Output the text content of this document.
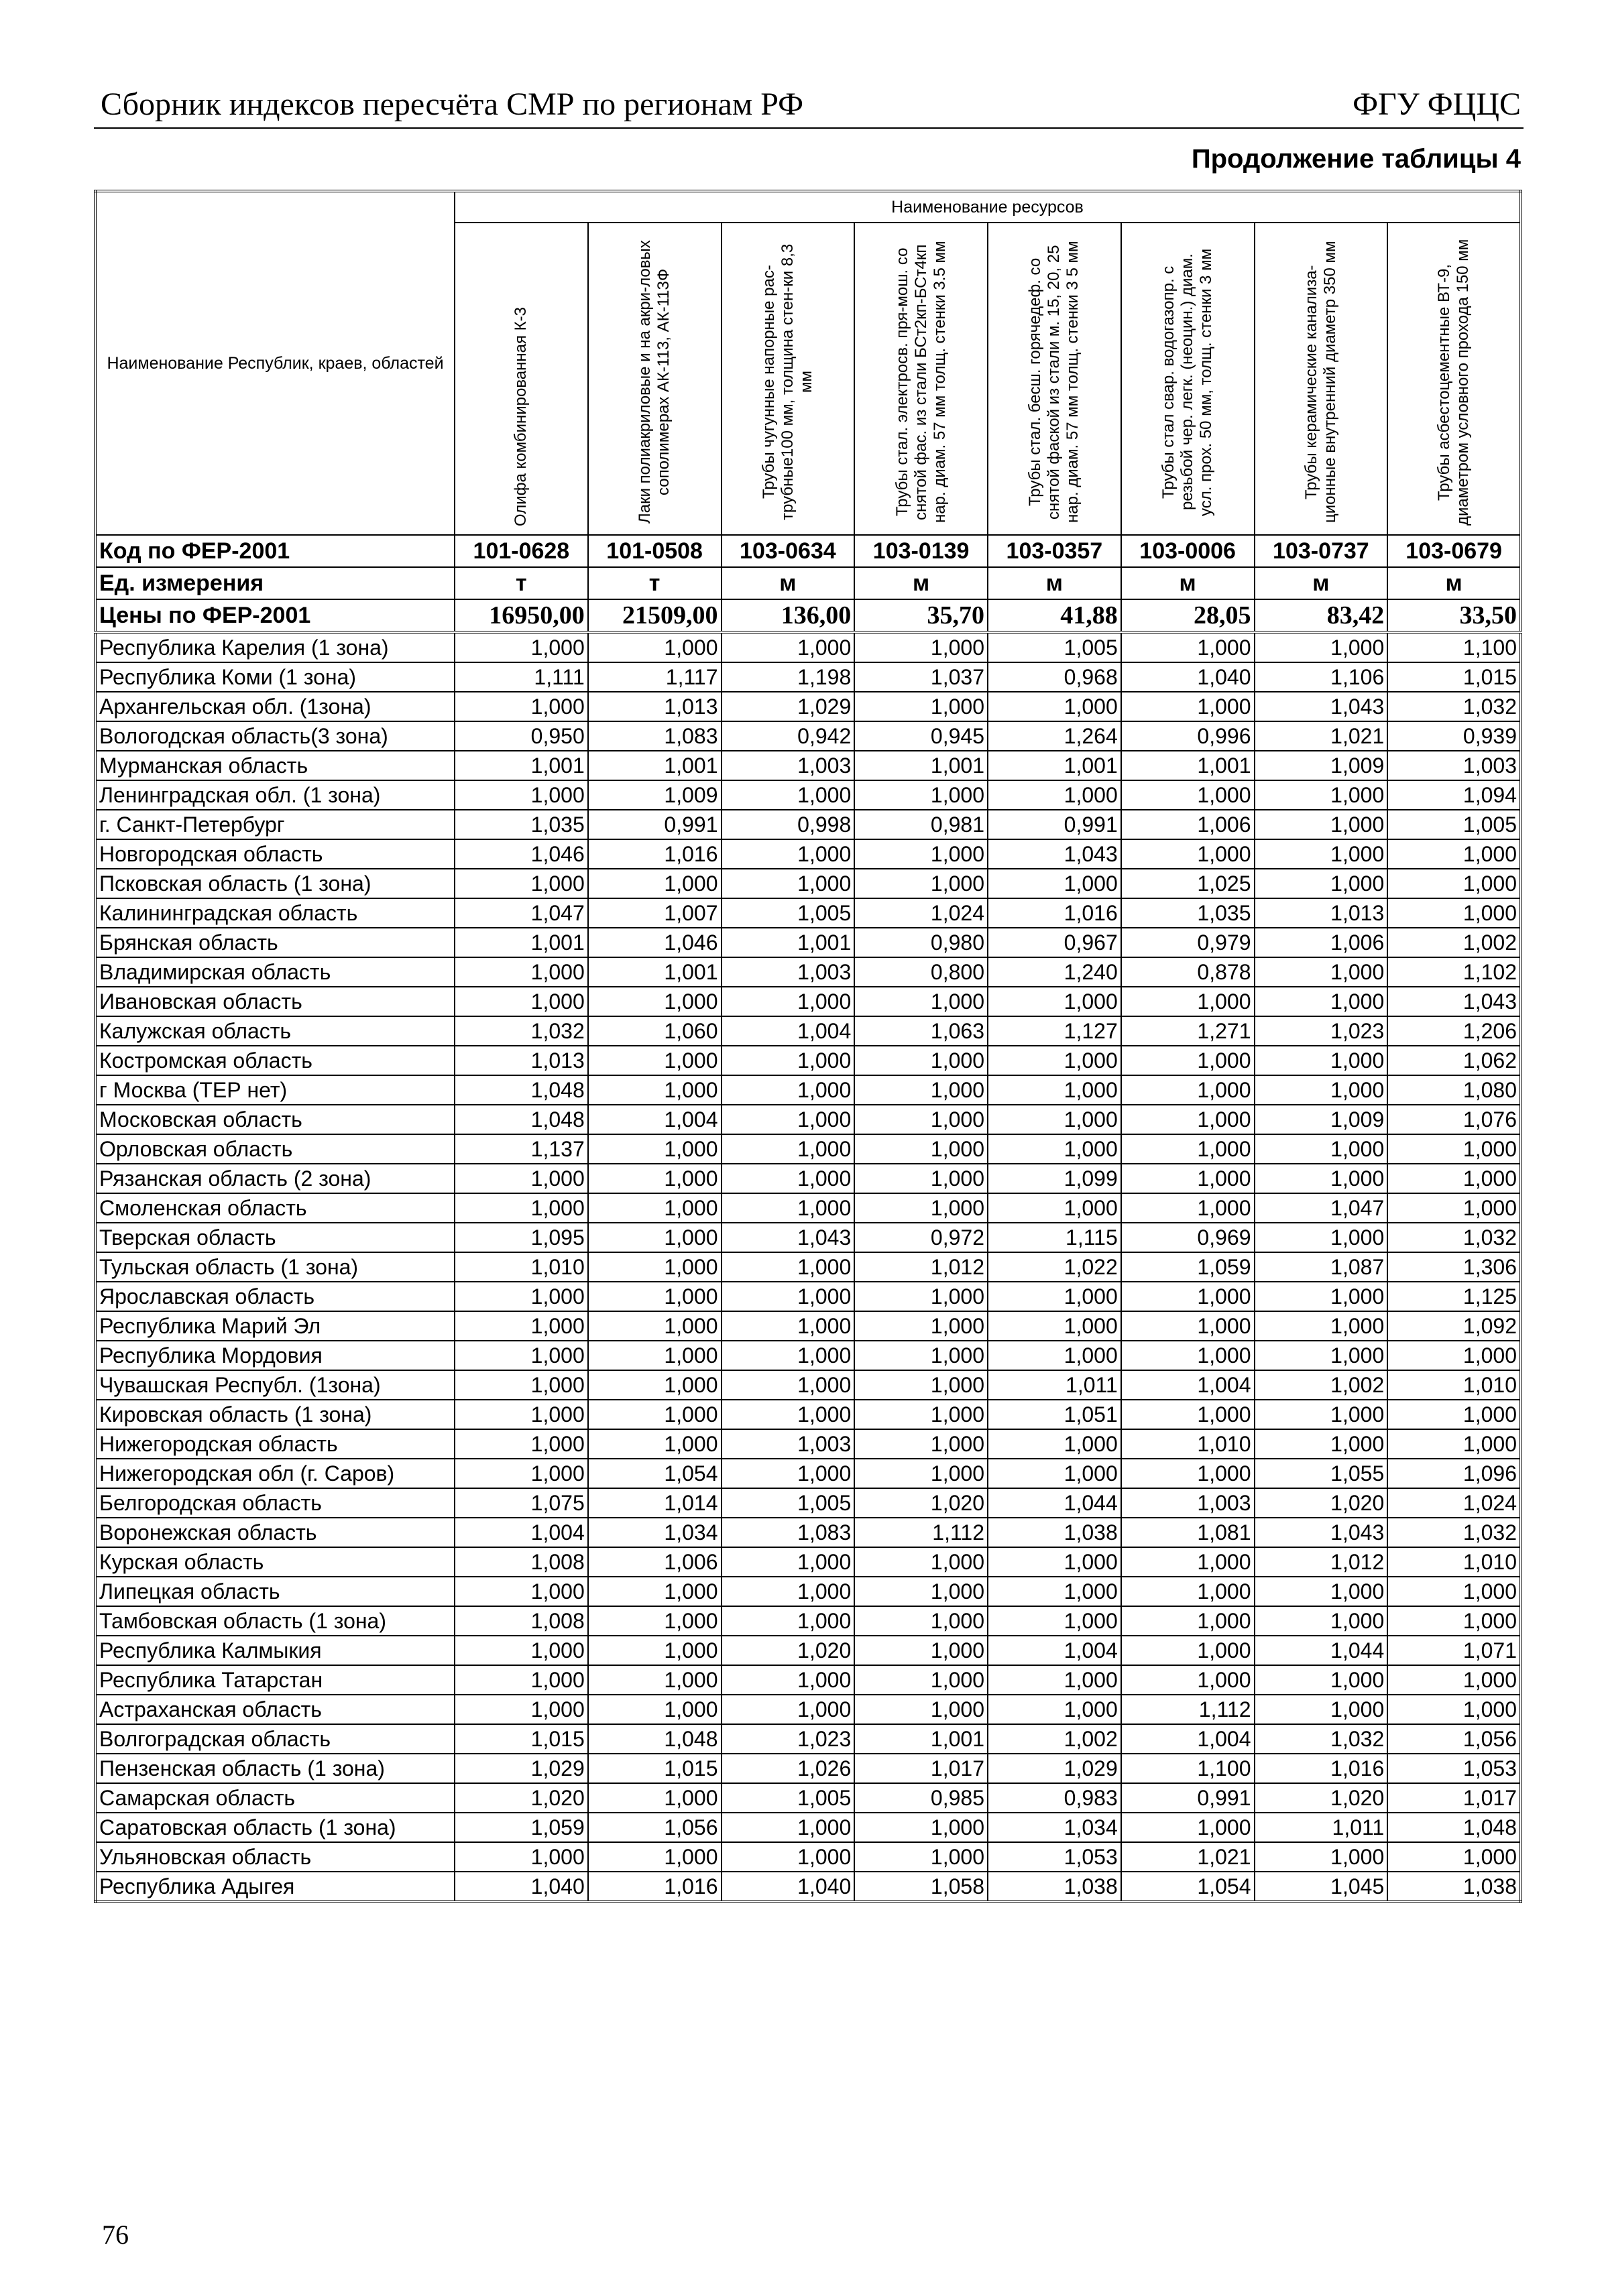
Сборник индексов пересчёта СМР по регионам РФ	ФГУ ФЦЦС
Продолжение таблицы 4
Наименование Республик, краев, областей	Наименование ресурсов							

	Олифа комбинированная К-3	Лаки полиакриловые и на акри-ловых сополимерах АК-113, АК-113Ф	Трубы чугунные напорные рас-трубные100 мм, толщина стен-ки 8,3 мм	Трубы стал. электросв. пря-мош. со снятой фас. из стали БСт2кп-БСт4кп нар. диам. 57 мм толщ. стенки 3.5 мм	Трубы стал. бесш. горячедеф. со снятой фаской из стали м. 15, 20, 25 нар. диам. 57 мм толщ. стенки 3 5 мм	Трубы стал свар. водогазопр. с резьбой чер. легк. (неоцин.) диам. усл. прох. 50 мм, толщ. стенки 3 мм	Трубы керамические канализа-ционные внутренний диаметр 350 мм	Трубы асбестоцементные ВТ-9, диаметром условного прохода 150 мм

Код по ФЕР-2001	101-0628	101-0508	103-0634	103-0139	103-0357	103-0006	103-0737	103-0679
Ед. измерения	т	т	м	м	м	м	м	м
Цены по ФЕР-2001	16950,00	21509,00	136,00	35,70	41,88	28,05	83,42	33,50
Республика Карелия (1 зона)	1,000	1,000	1,000	1,000	1,005	1,000	1,000	1,100
Республика Коми (1 зона)	1,111	1,117	1,198	1,037	0,968	1,040	1,106	1,015
Архангельская обл. (1зона)	1,000	1,013	1,029	1,000	1,000	1,000	1,043	1,032
Вологодская область(3 зона)	0,950	1,083	0,942	0,945	1,264	0,996	1,021	0,939
Мурманская область	1,001	1,001	1,003	1,001	1,001	1,001	1,009	1,003
Ленинградская обл. (1 зона)	1,000	1,009	1,000	1,000	1,000	1,000	1,000	1,094
г. Санкт-Петербург	1,035	0,991	0,998	0,981	0,991	1,006	1,000	1,005
Новгородская область	1,046	1,016	1,000	1,000	1,043	1,000	1,000	1,000
Псковская область (1 зона)	1,000	1,000	1,000	1,000	1,000	1,025	1,000	1,000
Калининградская область	1,047	1,007	1,005	1,024	1,016	1,035	1,013	1,000
Брянская область	1,001	1,046	1,001	0,980	0,967	0,979	1,006	1,002
Владимирская область	1,000	1,001	1,003	0,800	1,240	0,878	1,000	1,102
Ивановская область	1,000	1,000	1,000	1,000	1,000	1,000	1,000	1,043
Калужская область	1,032	1,060	1,004	1,063	1,127	1,271	1,023	1,206
Костромская область	1,013	1,000	1,000	1,000	1,000	1,000	1,000	1,062
г Москва (ТЕР нет)	1,048	1,000	1,000	1,000	1,000	1,000	1,000	1,080
Московская область	1,048	1,004	1,000	1,000	1,000	1,000	1,009	1,076
Орловская область	1,137	1,000	1,000	1,000	1,000	1,000	1,000	1,000
Рязанская область (2 зона)	1,000	1,000	1,000	1,000	1,099	1,000	1,000	1,000
Смоленская область	1,000	1,000	1,000	1,000	1,000	1,000	1,047	1,000
Тверская область	1,095	1,000	1,043	0,972	1,115	0,969	1,000	1,032
Тульская область (1 зона)	1,010	1,000	1,000	1,012	1,022	1,059	1,087	1,306
Ярославская область	1,000	1,000	1,000	1,000	1,000	1,000	1,000	1,125
Республика Марий Эл	1,000	1,000	1,000	1,000	1,000	1,000	1,000	1,092
Республика Мордовия	1,000	1,000	1,000	1,000	1,000	1,000	1,000	1,000
Чувашская Республ. (1зона)	1,000	1,000	1,000	1,000	1,011	1,004	1,002	1,010
Кировская область (1 зона)	1,000	1,000	1,000	1,000	1,051	1,000	1,000	1,000
Нижегородская область	1,000	1,000	1,003	1,000	1,000	1,010	1,000	1,000
Нижегородская обл (г. Саров)	1,000	1,054	1,000	1,000	1,000	1,000	1,055	1,096
Белгородская область	1,075	1,014	1,005	1,020	1,044	1,003	1,020	1,024
Воронежская область	1,004	1,034	1,083	1,112	1,038	1,081	1,043	1,032
Курская область	1,008	1,006	1,000	1,000	1,000	1,000	1,012	1,010
Липецкая область	1,000	1,000	1,000	1,000	1,000	1,000	1,000	1,000
Тамбовская область (1 зона)	1,008	1,000	1,000	1,000	1,000	1,000	1,000	1,000
Республика Калмыкия	1,000	1,000	1,020	1,000	1,004	1,000	1,044	1,071
Республика Татарстан	1,000	1,000	1,000	1,000	1,000	1,000	1,000	1,000
Астраханская область	1,000	1,000	1,000	1,000	1,000	1,112	1,000	1,000
Волгоградская область	1,015	1,048	1,023	1,001	1,002	1,004	1,032	1,056
Пензенская область (1 зона)	1,029	1,015	1,026	1,017	1,029	1,100	1,016	1,053
Самарская область	1,020	1,000	1,005	0,985	0,983	0,991	1,020	1,017
Саратовская область (1 зона)	1,059	1,056	1,000	1,000	1,034	1,000	1,011	1,048
Ульяновская область	1,000	1,000	1,000	1,000	1,053	1,021	1,000	1,000
Республика Адыгея	1,040	1,016	1,040	1,058	1,038	1,054	1,045	1,038
76
